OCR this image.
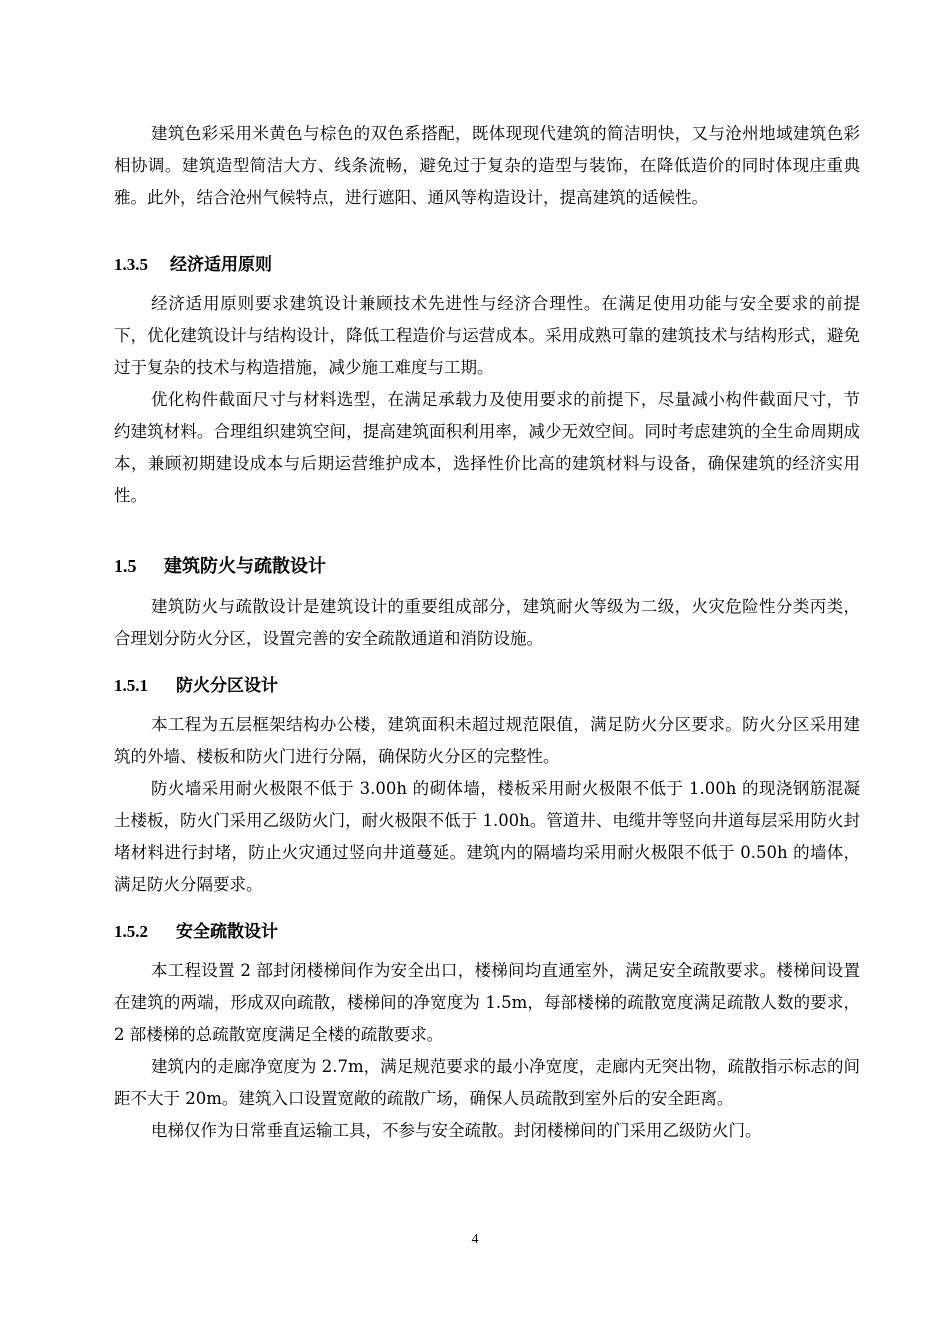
建筑色彩采用米黄色与棕色的双色系搭配，既体现现代建筑的简洁明快，又与沧州地域建筑色彩相协调。建筑造型简洁大方、线条流畅，避免过于复杂的造型与装饰，在降低造价的同时体现庄重典雅。此外，结合沧州气候特点，进行遮阳、通风等构造设计，提高建筑的适候性。

1.3.5 经济适用原则

经济适用原则要求建筑设计兼顾技术先进性与经济合理性。在满足使用功能与安全要求的前提下，优化建筑设计与结构设计，降低工程造价与运营成本。采用成熟可靠的建筑技术与结构形式，避免过于复杂的技术与构造措施，减少施工难度与工期。

优化构件截面尺寸与材料选型，在满足承载力及使用要求的前提下，尽量减小构件截面尺寸，节约建筑材料。合理组织建筑空间，提高建筑面积利用率，减少无效空间。同时考虑建筑的全生命周期成本，兼顾初期建设成本与后期运营维护成本，选择性价比高的建筑材料与设备，确保建筑的经济实用性。

1.5 建筑防火与疏散设计

建筑防火与疏散设计是建筑设计的重要组成部分，建筑耐火等级为二级，火灾危险性分类丙类，合理划分防火分区，设置完善的安全疏散通道和消防设施。

1.5.1 防火分区设计

本工程为五层框架结构办公楼，建筑面积未超过规范限值，满足防火分区要求。防火分区采用建筑的外墙、楼板和防火门进行分隔，确保防火分区的完整性。

防火墙采用耐火极限不低于 3.00h 的砌体墙，楼板采用耐火极限不低于 1.00h 的现浇钢筋混凝土楼板，防火门采用乙级防火门，耐火极限不低于 1.00h。管道井、电缆井等竖向井道每层采用防火封堵材料进行封堵，防止火灾通过竖向井道蔓延。建筑内的隔墙均采用耐火极限不低于 0.50h 的墙体，满足防火分隔要求。

1.5.2 安全疏散设计

本工程设置 2 部封闭楼梯间作为安全出口，楼梯间均直通室外，满足安全疏散要求。楼梯间设置在建筑的两端，形成双向疏散，楼梯间的净宽度为 1.5m，每部楼梯的疏散宽度满足疏散人数的要求，2 部楼梯的总疏散宽度满足全楼的疏散要求。

建筑内的走廊净宽度为 2.7m，满足规范要求的最小净宽度，走廊内无突出物，疏散指示标志的间距不大于 20m。建筑入口设置宽敞的疏散广场，确保人员疏散到室外后的安全距离。

电梯仅作为日常垂直运输工具，不参与安全疏散。封闭楼梯间的门采用乙级防火门。

4
